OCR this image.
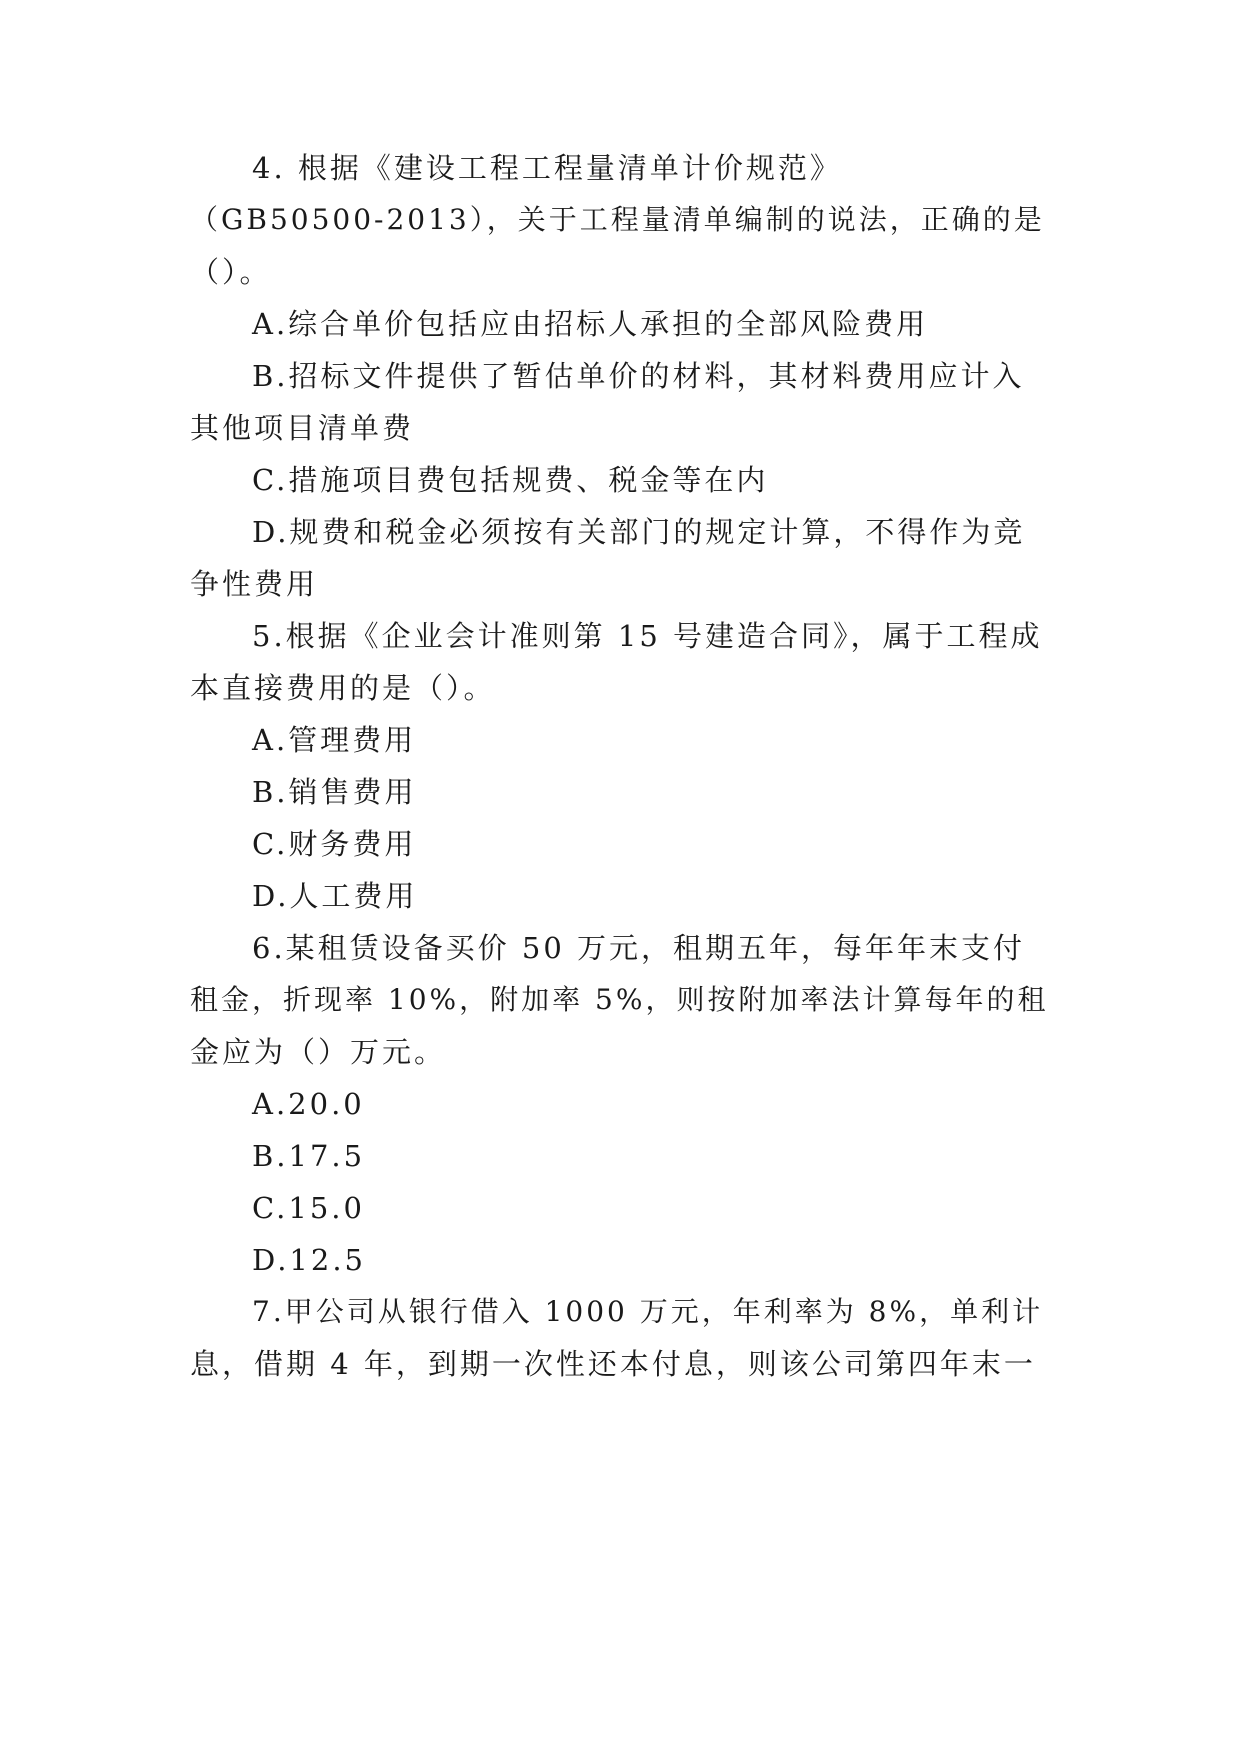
4. 根据《建设工程工程量清单计价规范》
（GB50500-2013），关于工程量清单编制的说法，正确的是
（）。
A.综合单价包括应由招标人承担的全部风险费用
B.招标文件提供了暂估单价的材料，其材料费用应计入
其他项目清单费
C.措施项目费包括规费、税金等在内
D.规费和税金必须按有关部门的规定计算，不得作为竞
争性费用
5.根据《企业会计准则第 15 号建造合同》，属于工程成
本直接费用的是（）。
A.管理费用
B.销售费用
C.财务费用
D.人工费用
6.某租赁设备买价 50 万元，租期五年，每年年末支付
租金，折现率 10%，附加率 5%，则按附加率法计算每年的租
金应为（）万元。
A.20.0
B.17.5
C.15.0
D.12.5
7.甲公司从银行借入 1000 万元，年利率为 8%，单利计
息，借期 4 年，到期一次性还本付息，则该公司第四年末一
